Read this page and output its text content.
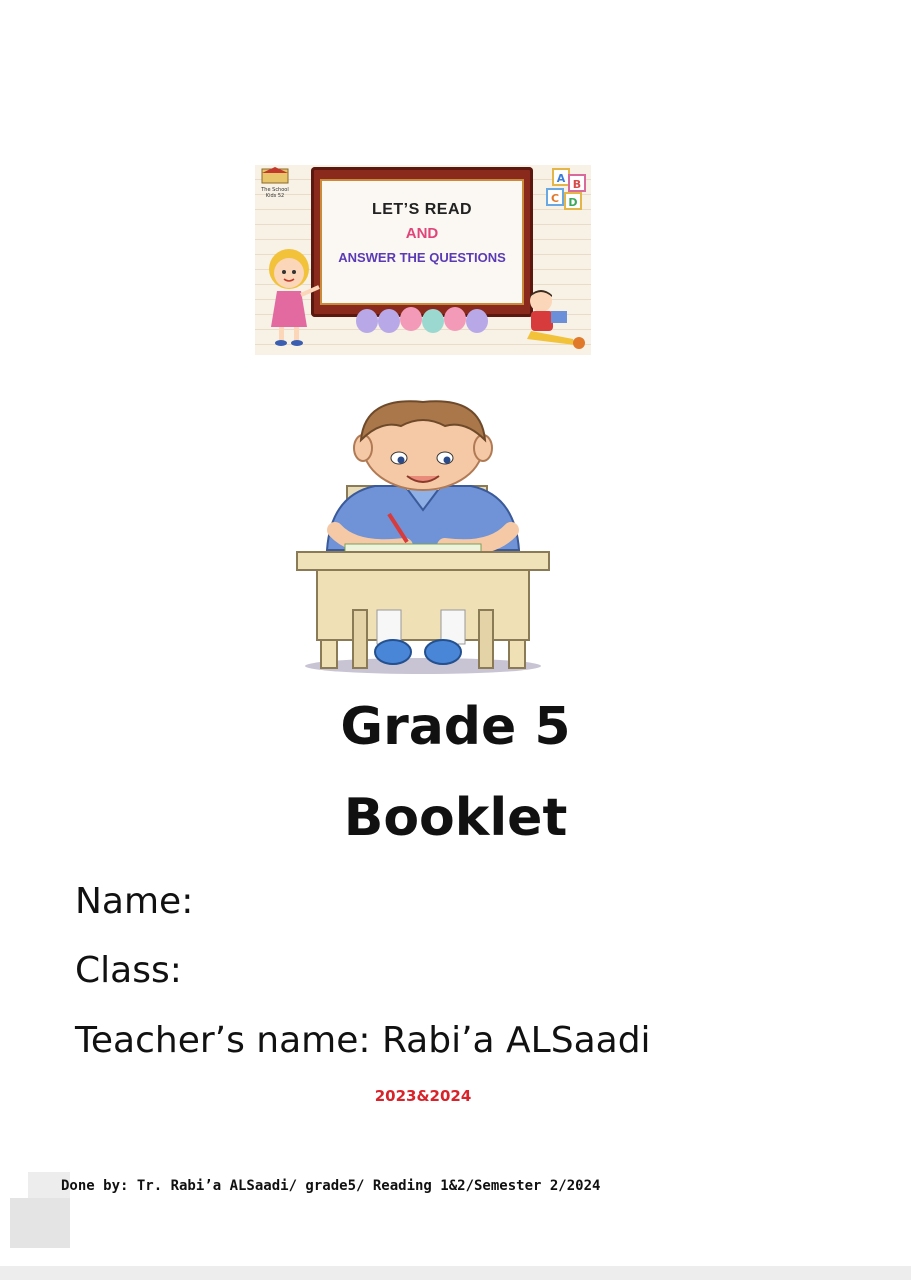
The School Kids 52
LET’S READ
AND
ANSWER THE QUESTIONS
A B
C D
Grade 5
Booklet
Name:
Class:
Teacher’s name: Rabi’a ALSaadi
2023&2024
Done by: Tr. Rabi’a ALSaadi/ grade5/ Reading 1&2/Semester 2/2024
